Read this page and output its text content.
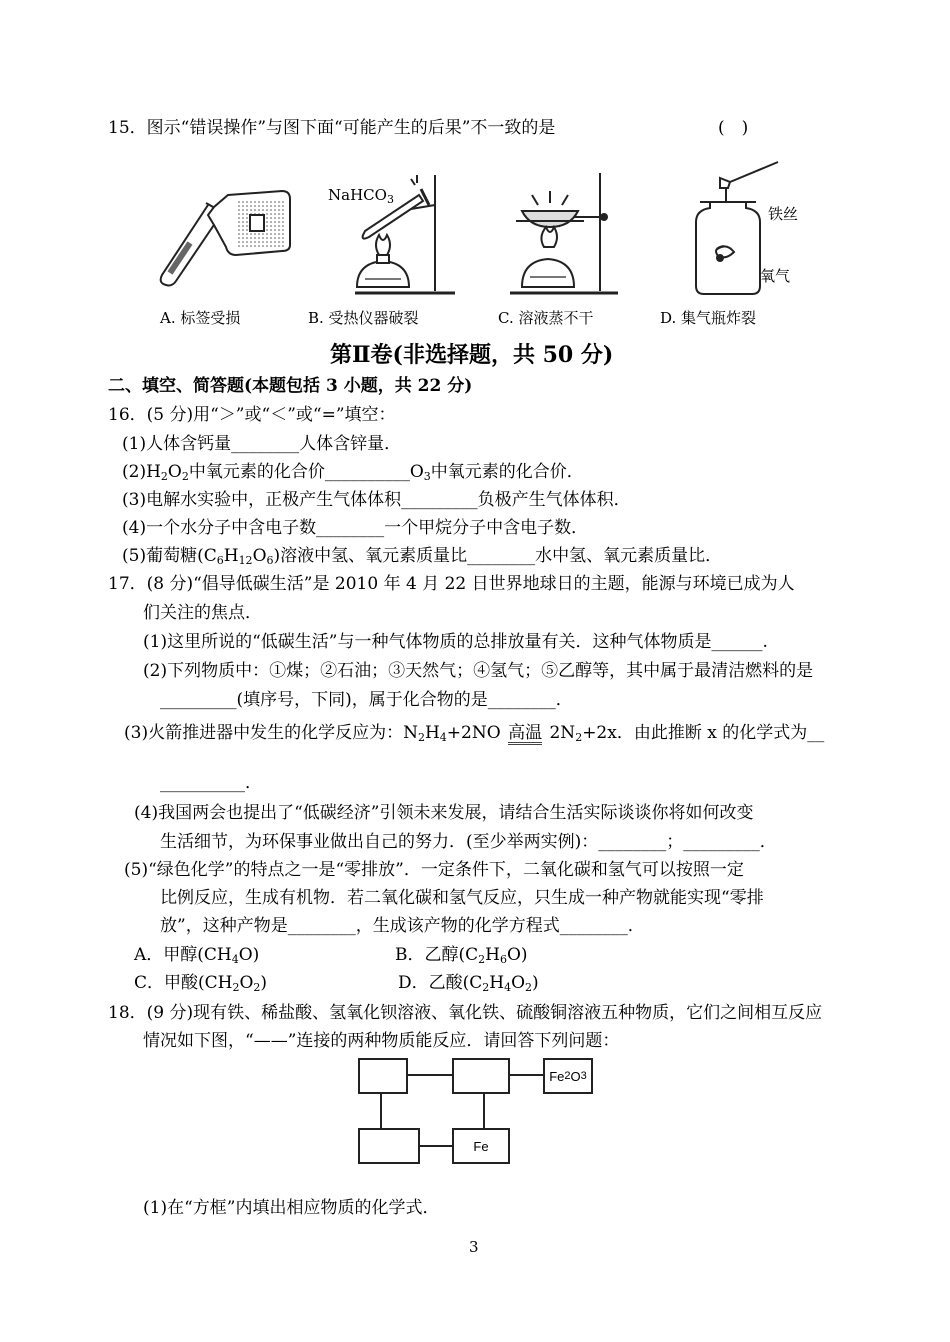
15．图示“错误操作”与图下面“可能产生的后果”不一致的是	(　)
NaHCO$_3$
铁丝
氧气
A. 标签受损	B. 受热仪器破裂	C. 溶液蒸不干	D. 集气瓶炸裂
第Ⅱ卷(非选择题，共 50 分)
二、填空、简答题(本题包括 3 小题，共 22 分)
16．(5 分)用“＞”或“＜”或“=”填空：
(1)人体含钙量________人体含锌量．
$(2)H_2O_2$中氧元素的化合价$\_\_\_\_\_\_\_\_\_\_O_3$中氧元素的化合价．
(3)电解水实验中，正极产生气体体积_________负极产生气体体积．
(4)一个水分子中含电子数________一个甲烷分子中含电子数．
(5)葡萄糖$(C_6H_{12}O_6)$溶液中氢、氧元素质量比________水中氢、氧元素质量比．
17．(8 分)“倡导低碳生活”是 2010 年 4 月 22 日世界地球日的主题，能源与环境已成为人
们关注的焦点．
(1)这里所说的“低碳生活”与一种气体物质的总排放量有关．这种气体物质是______.
(2)下列物质中：①煤；②石油；③天然气；④氢气；⑤乙醇等，其中属于最清洁燃料的是
_________(填序号，下同)，属于化合物的是________．
(3)火箭推进器中发生的化学反应为：$N_2H_4+2NO$ 高温 $2N_2+2x$．由此推断 x 的化学式为__
__________．
(4)我国两会也提出了“低碳经济”引领未来发展，请结合生活实际谈谈你将如何改变
生活细节，为环保事业做出自己的努力．(至少举两实例)：________；_________．
(5)“绿色化学”的特点之一是“零排放”．一定条件下，二氧化碳和氢气可以按照一定
比例反应，生成有机物．若二氧化碳和氢气反应，只生成一种产物就能实现“零排
放”，这种产物是________，生成该产物的化学方程式________．
A．甲醇$(CH_4O)$	B．乙醇$(C_2H_6O)$
C．甲酸$(CH_2O_2)$	D．乙酸$(C_2H_4O_2)$
18．(9 分)现有铁、稀盐酸、氢氧化钡溶液、氧化铁、硫酸铜溶液五种物质，它们之间相互反应
情况如下图，“——”连接的两种物质能反应．请回答下列问题：
Fe 2 O 3
Fe
(1)在“方框”内填出相应物质的化学式．
3
